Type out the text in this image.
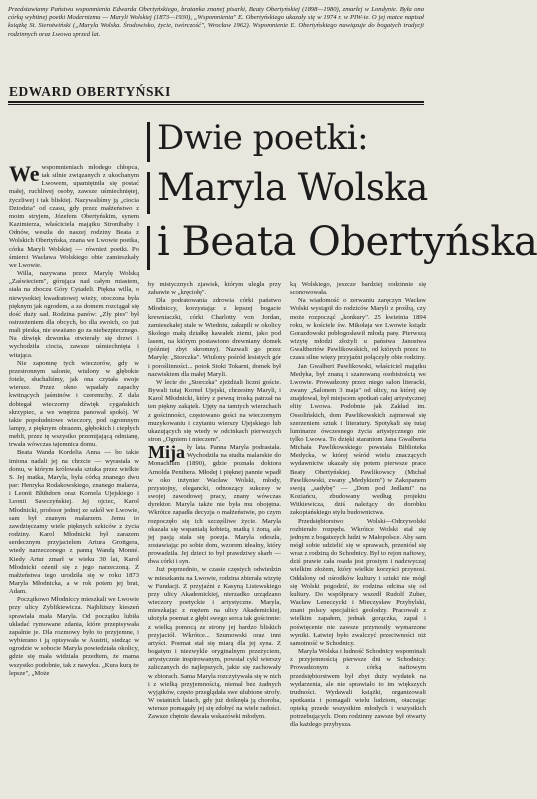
Przedstawiamy Państwu wspomnienia Edwarda Obertyńskiego, bratanka znanej pisarki, Beaty Obertyńskiej (1898—1980), zmarłej w Londynie. Była ona córką wybitnej poetki Modernizmu — Maryli Wolskiej (1873—1930), „Wspomnienia" E. Obertyńskiego ukazały się w 1974 r. w PIW-ie. O jej matce napisał książkę St. Sierotwiński („Maryla Wolska. Środowisko, życie, twórczość", Wrocław 1962). Wspomnienie E. Obertyńskiego nawiązuje do bogatych tradycji rodzinnych oraz Lwowa sprzed lat.
EDWARD OBERTYŃSKI
Dwie poetki:
Maryla Wolska
i Beata Obertyńska

We wspomnieniach młodego chłopca, tak silnie związanych z ukochanym Lwowem, upamiętniła się postać małej, ruchliwej osoby, zawsze uśmiechniętej, życzliwej i tak bliskiej. Nazywaliśmy ją „ciocia Dziodzia" od czasu, gdy przez małżeństwo z moim stryjem, Józefem Obertyńskim, synem Kazimierza, właściciela majątku Stronibaby i Odnów, weszła do naszej rodziny Beata z Wolskich Obertyńska, znana we Lwowie poetka, córka Maryli Wolskiej — również poetki. Po śmierci Wacława Wolskiego obie zamieszkały we Lwowie.

Willa, nazywana przez Marylę Wolską „Zaświeciem", górująca nad całym miastem, stała na zboczu Góry Cytadeli. Piękna willa, o niewysokiej kwadratowej wieży, otoczona była pięknym jak ogrodem, a za domem rozciągał się dość duży sad. Rodzina panów: „Zły pies" był ostrzeżeniem dla obcych, bo dla swoich, co już mali pieska, nie uważano go za niebezpiecznego. Na dźwięk dzwonka otwierały się drzwi i wychodziła ciocia, zawsze uśmiechnięta i witająca.

Nie zapomnę tych wieczorów, gdy w przestronnym salonie, wtulony w głębokie fotele, słuchaliśmy, jak ona czytała swoje wiersze. Przez okno wpadały zapachy kwitnących jaśminów i czeremchy. Z dala dobiegał wieczorny dźwięk cygańskich skrzypiec, a we wnętrzu panował spokój. W takie popołudniowe wieczory, pod ogromnym lampy, z pięknym obrazem, głębokich i ciepłych mebli, przez tę wszystko przemijającą odmianę, trwała wówczas tajemnica domu.

Beata Wanda Kordelia Anna — bo takie imiona nadali jej na chrzcie — wyrastała w domu, w którym królowała sztuka przez wielkie S. Jej matka, Maryla, była córką znanego dwu par: Henryka Rodakowskiego, znanego malarza, i Leonii Blühdorn oraz Kornela Ujejskiego i Leonii Sawczyńskiej. Jej ojciec, Karol Młodnicki, profesor jednej ze szkół we Lwowie, sam był znanym malarzem. Jemu to zawdzięczamy wiele pięknych szkiców z życia rodziny. Karol Młodnicki był zarazem serdecznym przyjacielem Artura Grottgera, wtedy narzeczonego z panną Wandą Monné. Kiedy Artur zmarł w wieku 30 lat, Karol Młodnicki ożenił się z jego narzeczoną. Z małżeństwa tego urodziła się w roku 1873 Maryla Młodnicka, a w rok potem jej brat, Adam.

Początkowo Młodniccy mieszkali we Lwowie przy ulicy Zyblikiewicza. Najbliższy kieszeń sprawiała mała Maryla. Od początku lubiła układać rymowane zdania, które przepisywała zapalnie je. Dla rozmowy było to przyjemne, i wybierano i ją opisywała w Austrii, siedząc w ogrodzie w sobocie Maryla powiedziała okolicy, gdzie się mała widziała przedtem, że mama wszystko podobnie, tak z nawyku. „Kura kurą że lepsze", „Może

by mistycznych zjawisk, którym uległa przy zabawie w „kręciołę".

Dla podratowania zdrowia córki państwo Młodniccy, korzystając z lepszej bogacie krewniaczki, córki Charlotty von Jordan, zamieszkałej stale w Wiedniu, zakupili w okolicy Skolego małą działkę kawałek ziemi, jako pod lasem, na którym postawiono drewniany domek (później zbyt skromny). Nazwali go przez Marylę: „Storczka". Wtulony pośród lesistych gór i poroślinności... potok Stoki Tokarni, domek był nazwiskiem dla małej Maryli.

W lecie do „Storczka" zjeżdżali liczni goście. Bywali tutaj Kornel Ujejski, chrzestny Maryli, i Karol Młodnicki, który z pewną troską patrzał na ten piękny zakątek. Ujęty na tamtych wierzchach z gościnności, częstowano gości na wieczornym muzykowaniu i czytaniu wierszy Ujejskiego lub ukazujących się wtedy w odcinkach pierwszych stron „Ogniem i mieczem".

Mija ły lata. Panna Maryla podrastała. Wychodziła na studia malarskie do Monachium (1890), gdzie poznała doktora Arnolda Penthera. Młodej i pięknej pannie wpadł w oko inżynier Wacław Wolski, młody, przystojny, elegancki, odnoszący sukcesy w swojej zawodowej pracy, znany wówczas dyrektor. Maryla także nie była mu obojętna. Wkrótce zapadła decyzja o małżeństwie, po czym rozpoczęło się ich szczęśliwe życie. Maryla okazała się wspaniałą kobietą, matką i żoną, ale jej pasją stała się poezja. Maryla odeszła, zostawiając po sobie dom, wzorem idealny, który prowadziła. Jej dzieci to był prawdziwy skarb — dwa córki i syn.

Już poprzednio, w czasie częstych odwiedzin w mieszkaniu na Lwowie, rodzina zbierała wizytę w Fundacji. Z przyjaźni z Kasyną Listewskiego przy ulicy Akademickiej, nierzadko urządzano wieczory poetyckie i artystyczne. Maryla, mieszkając z mężem na ulicy Akademickiej, ułożyła poemat z głębi swego serca tak gościnnie: z wielką pomocą ze strony jej bardzo bliskich przyjaciół. Wkrótce... Szumowski oraz inni artyści. Poemat stał się miarą dla jej syna. Z bogatym i niezwykle oryginalnym przeżyciem, artystycznie inspirowanym, powstał cykl wierszy zaliczanych do najlepszych, jakie się zachowały w zbiorach. Sama Maryla rozczytywała się w nich i z wielką przyjemnością, niemal bez żadnych wyjątków, często przeglądała swe ulubione strofy. W ostatnich latach, gdy już dotknęła ją choroba, wiersze pomagały jej się zdobyć na wiele radości. Zawsze chętnie dawała wskazówki młodym.

ką Wolskiego, jeszcze bardziej rodzinnie się sconowowała.

Na wiadomość o zerwaniu zaręczyn Wacław Wolski wystąpił do rodziców Maryli z prośbą, czy może rozpocząć „konkury". 25 kwietnia 1894 roku, w kościele św. Mikołaja we Lwowie ksiądz Gorazdowski pobłogosławił młodą parę. Pierwszą wizytę młodzi złożyli u państwa Janostwa Gwaltbertów Pawlikowskich, od których przez to czasu silne więzy przyjaźni połączyły obie rodziny.

Jan Gwalbert Pawlikowski, właściciel majątku Medyka, był znaną i szanowaną osobistością we Lwowie. Prowadzony przez niego salon literacki, zwany „Salonem 3 maja" od ulicy, na której się znajdował, był miejscem spotkań całej artystycznej elity Lwowa. Podobnie jak Zakład im. Ossolińskich, dom Pawlikowskich zajmował się szerzeniem sztuk i literatury. Spotykali się tutaj luminarze ówczesnego życia artystycznego nie tylko Lwowa. To dzięki staraniom Jana Gwalberta Michała Pawlikowskiego powstała Biblioteka Medycka, w której wśród wielu znaczących wydawnictw ukazały się potem pierwsze prace Beaty Obertyńskiej. Pawlikowscy (Michał Pawlikowski, zwany „Medykiem") w Zakopanem swoją „sadybę" — „Dom pod Jedlami" na Koziańcu, zbudowany według projektu Witkiewicza, dziś należący do dorobku zakopiańskiego stylu budownictwa.

Przedsiębiorstwo Wolski—Odrzywolski rozbierało rozpędu. Wkrótce Wolski stał się jednym z bogatszych ludzi w Małopolsce. Aby sam mógł sobie udzielić się w sprawach, przeniósł się wraz z rodziną do Schodnicy. Był to rejon naftowy, dziś prawie cała osada jest prostym i nadzwyczaj wielkim złożem, który wielkie korzyści przynosi. Oddalony od ośrodków kultury i sztuki nie mógł się Wolski pogodzić, że rodzina odcina się od kultury. Do współpracy wszedł Rudolf Zuber, Wacław Leneczycki i Mieczysław Przybylski, znani polscy specjaliści geolodzy. Pracowali z wielkim zapałem, jednak gorączka, zapał i poświęcenie nie zawsze przynosiły wymarzone wyniki. Łatwiej było zwalczyć przeciwności niż samotność w Schodnicy.

Maryla Wolska i ludność Schodnicy wspominali z przyjemnością pierwsze dni w Schodnicy. Prowadzonym z córką naftowym przedsiębiorstwem był zbyt duży wydatek na wydarzenia, ale nie sprawiało to im większych trudności. Wydawali książki, organizowali spotkania i pomagali wielu ludziom, otaczając opieką przede wszystkim młodych i wszystkich potrzebujących. Dom rodzinny zawsze był otwarty dla każdego przybysza.
